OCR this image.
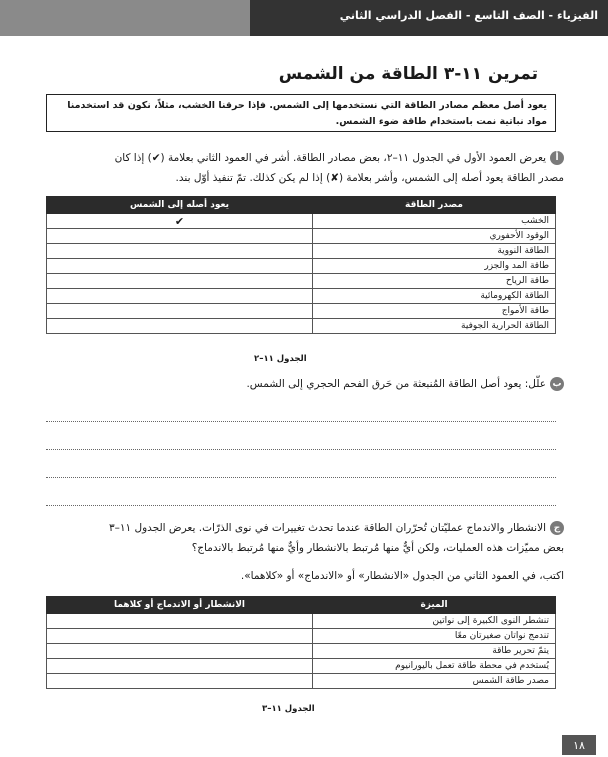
الفيزياء - الصف التاسع - الفصل الدراسي الثاني
تمرين ١١-٣ الطاقة من الشمس
يعود أصل معظم مصادر الطاقة التي نستخدمها إلى الشمس. فإذا حرقنا الخشب، مثلاً، نكون قد استخدمنا مواد نباتية نمت باستخدام طاقة ضوء الشمس.
أيعرض العمود الأول في الجدول ١١–٢، بعض مصادر الطاقة. أشر في العمود الثاني بعلامة (✔) إذا كان
مصدر الطاقة يعود أصله إلى الشمس، وأشر بعلامة (✘) إذا لم يكن كذلك. تمّ تنفيذ أوّل بند.
مصدر الطاقة	يعود أصله إلى الشمس
الخشب	✔
الوقود الأحفوري	
الطاقة النووية	
طاقة المد والجزر	
طاقة الرياح	
الطاقة الكهرومائية	
طاقة الأمواج	
الطاقة الحرارية الجوفية	
الجدول ١١–٢
بعلّل: يعود أصل الطاقة المُنبعثة من حَرق الفحم الحجري إلى الشمس.
جالانشطار والاندماج عمليّتان تُحرّران الطاقة عندما تحدث تغييرات في نوى الذرّات. يعرض الجدول ١١–٣
بعض مميّزات هذه العمليات، ولكن أيٌّ منها مُرتبط بالانشطار وأيٌّ منها مُرتبط بالاندماج؟
اكتب، في العمود الثاني من الجدول «الانشطار» أو «الاندماج» أو «كلاهما».
الميزة	الانشطار أو الاندماج أو كلاهما
تنشطر النوى الكبيرة إلى نواتين	
تندمج نواتان صغيرتان معًا	
يتمّ تحرير طاقة	
يُستخدم في محطة طاقة تعمل باليورانيوم	
مصدر طاقة الشمس	
الجدول ١١–٣
١٨
